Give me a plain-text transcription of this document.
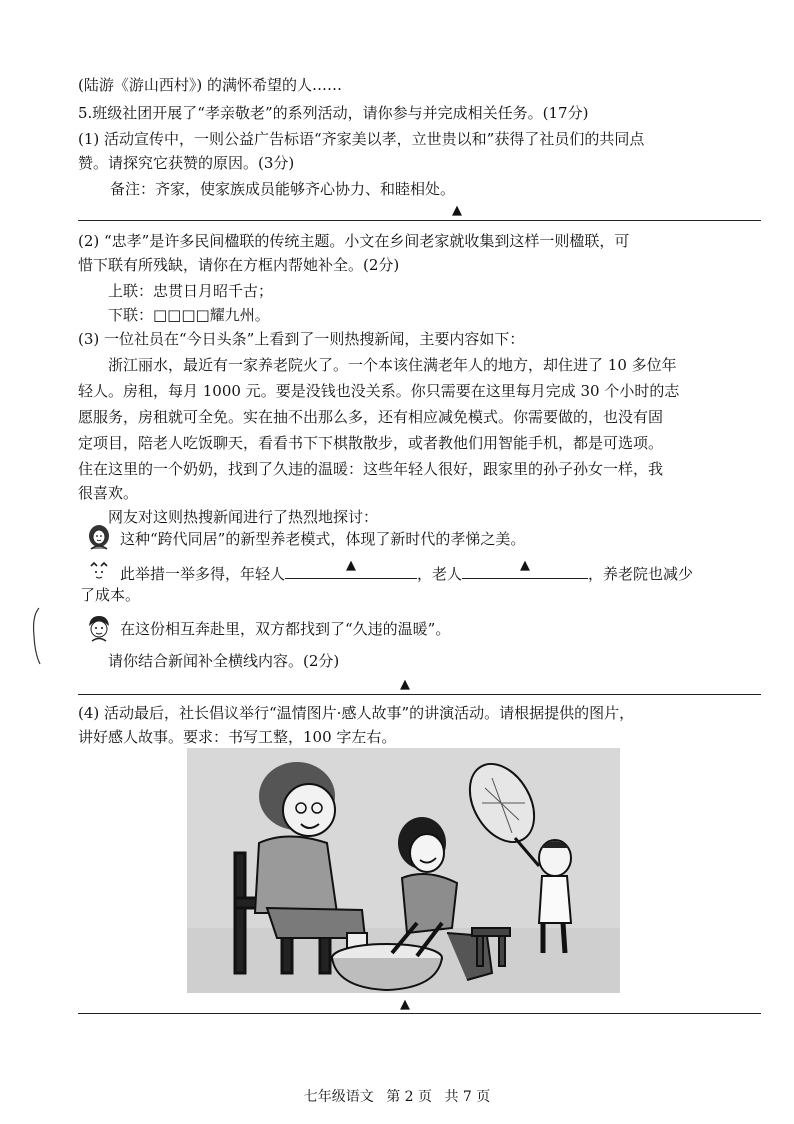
(陆游《游山西村》) 的满怀希望的人……
5.班级社团开展了“孝亲敬老”的系列活动，请你参与并完成相关任务。(17分)
(1) 活动宣传中，一则公益广告标语“齐家美以孝，立世贵以和”获得了社员们的共同点
赞。请探究它获赞的原因。(3分)
备注：齐家，使家族成员能够齐心协力、和睦相处。
▲
(2) “忠孝”是许多民间楹联的传统主题。小文在乡间老家就收集到这样一则楹联，可
惜下联有所残缺，请你在方框内帮她补全。(2分)
上联：忠贯日月昭千古；
下联：□□□□耀九州。
(3) 一位社员在“今日头条”上看到了一则热搜新闻，主要内容如下：
浙江丽水，最近有一家养老院火了。一个本该住满老年人的地方，却住进了 10 多位年
轻人。房租，每月 1000 元。要是没钱也没关系。你只需要在这里每月完成 30 个小时的志
愿服务，房租就可全免。实在抽不出那么多，还有相应减免模式。你需要做的，也没有固
定项目，陪老人吃饭聊天，看看书下下棋散散步，或者教他们用智能手机，都是可选项。
住在这里的一个奶奶，找到了久违的温暖：这些年轻人很好，跟家里的孙子孙女一样，我
很喜欢。
网友对这则热搜新闻进行了热烈地探讨：
这种“跨代同居”的新型养老模式，体现了新时代的孝悌之美。
此举措一举多得，年轻人	▲	，老人	▲	，养老院也减少
了成本。
在这份相互奔赴里，双方都找到了“久违的温暖”。
请你结合新闻补全横线内容。(2分)
▲
(4) 活动最后，社长倡议举行“温情图片·感人故事”的讲演活动。请根据提供的图片，
讲好感人故事。要求：书写工整，100 字左右。
▲
七年级语文 第 2 页 共 7 页
